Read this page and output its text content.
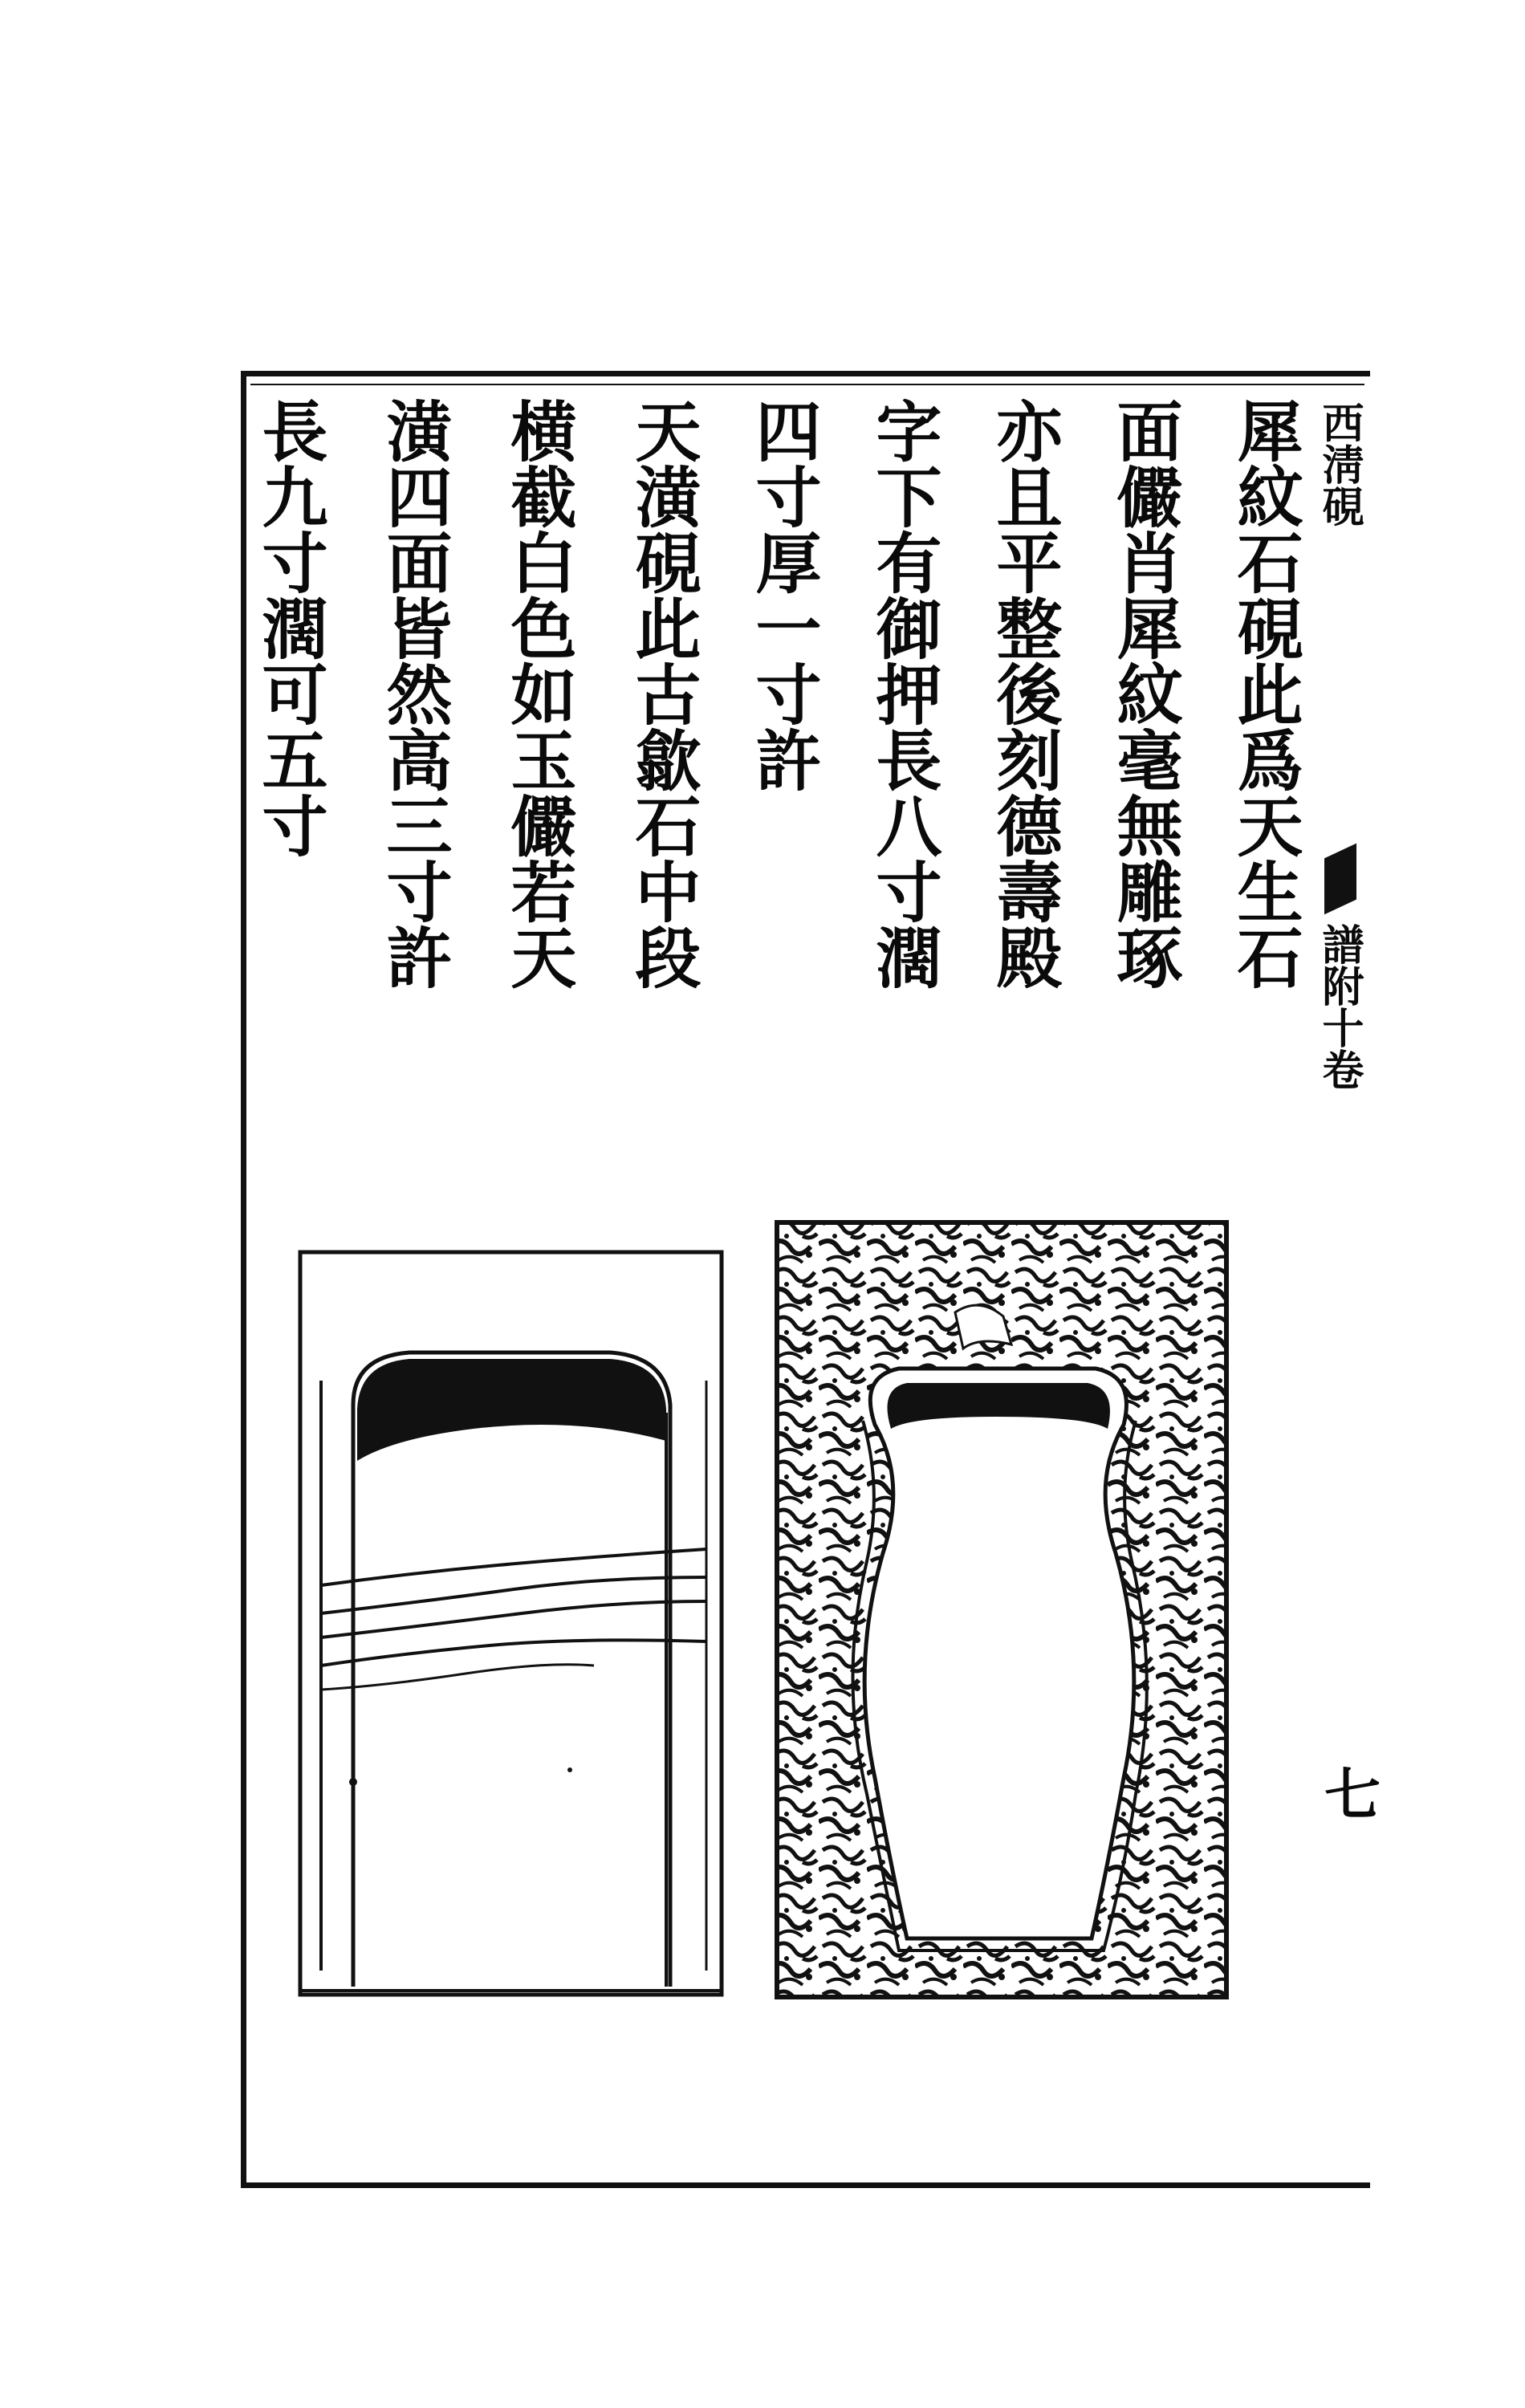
西淸硯
譜附十卷
七
犀紋石硯此爲天生石
面儼肖犀紋毫無雕琢
亦且平整後刻德壽殿
字下有御押長八寸濶
四寸厚一寸許
天潢硯此古歙石中段
横截白色如玉儼若天
潢四面皆然高三寸許
長九寸濶可五寸
